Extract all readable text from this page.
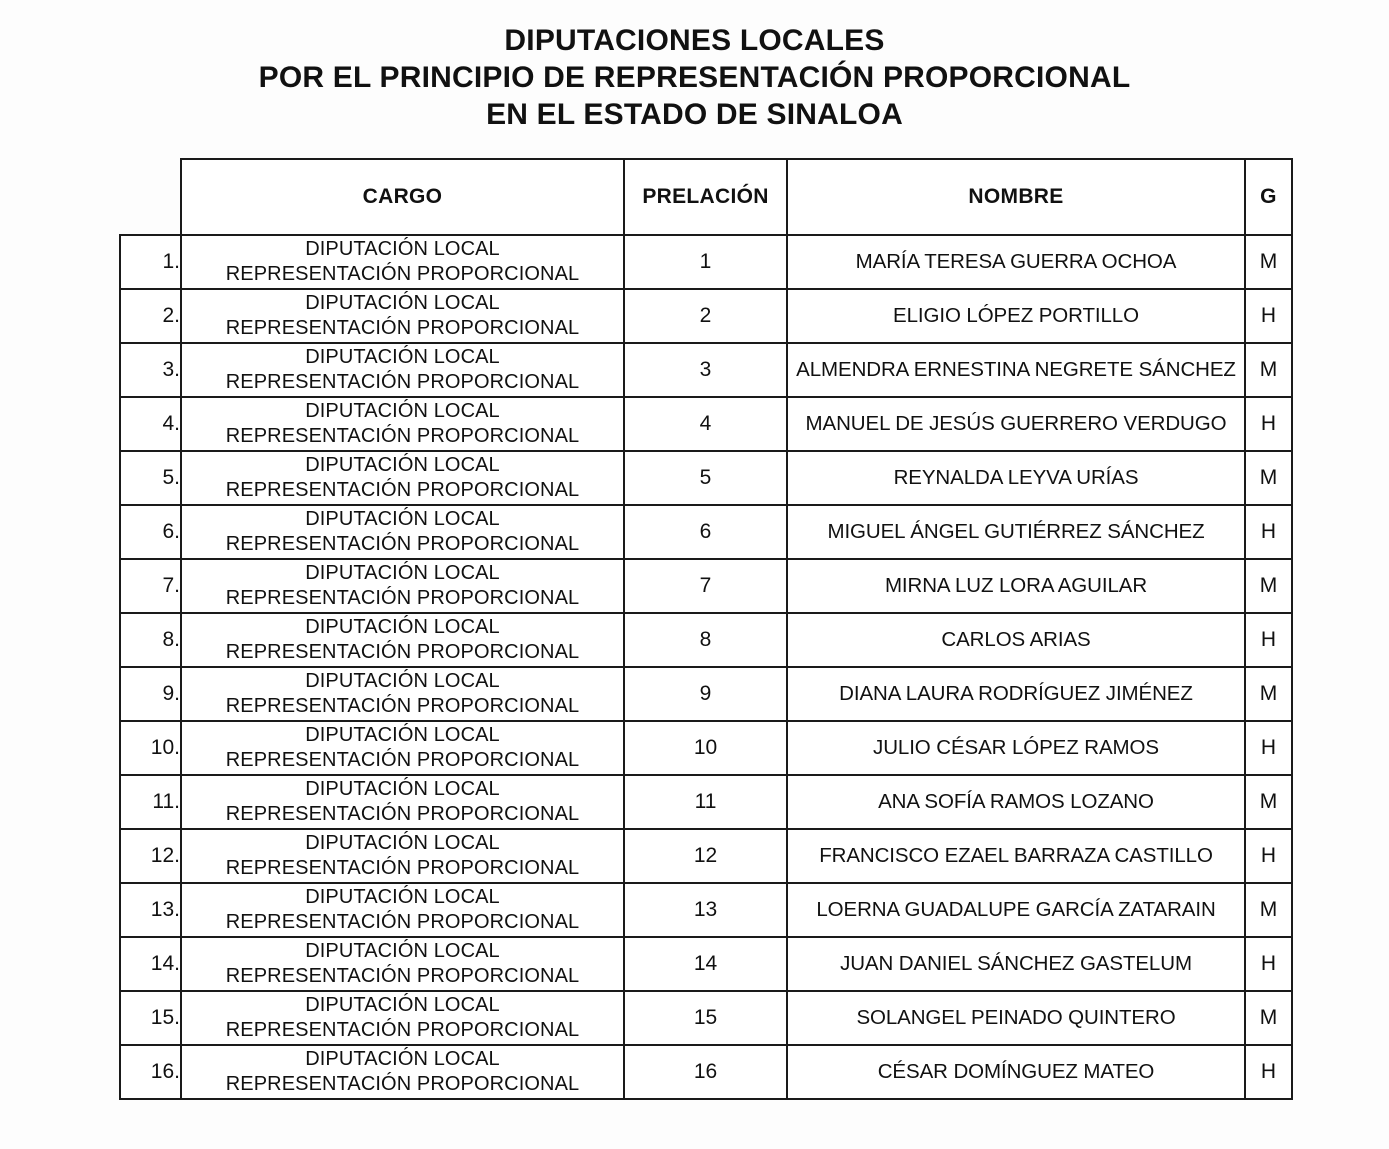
DIPUTACIONES LOCALES
POR EL PRINCIPIO DE REPRESENTACIÓN PROPORCIONAL
EN EL ESTADO DE SINALOA
	CARGO	PRELACIÓN	NOMBRE	G
1.	DIPUTACIÓN LOCAL
REPRESENTACIÓN PROPORCIONAL	1	MARÍA TERESA GUERRA OCHOA	M
2.	DIPUTACIÓN LOCAL
REPRESENTACIÓN PROPORCIONAL	2	ELIGIO LÓPEZ PORTILLO	H
3.	DIPUTACIÓN LOCAL
REPRESENTACIÓN PROPORCIONAL	3	ALMENDRA ERNESTINA NEGRETE SÁNCHEZ	M
4.	DIPUTACIÓN LOCAL
REPRESENTACIÓN PROPORCIONAL	4	MANUEL DE JESÚS GUERRERO VERDUGO	H
5.	DIPUTACIÓN LOCAL
REPRESENTACIÓN PROPORCIONAL	5	REYNALDA LEYVA URÍAS	M
6.	DIPUTACIÓN LOCAL
REPRESENTACIÓN PROPORCIONAL	6	MIGUEL ÁNGEL GUTIÉRREZ SÁNCHEZ	H
7.	DIPUTACIÓN LOCAL
REPRESENTACIÓN PROPORCIONAL	7	MIRNA LUZ LORA AGUILAR	M
8.	DIPUTACIÓN LOCAL
REPRESENTACIÓN PROPORCIONAL	8	CARLOS ARIAS	H
9.	DIPUTACIÓN LOCAL
REPRESENTACIÓN PROPORCIONAL	9	DIANA LAURA RODRÍGUEZ JIMÉNEZ	M
10.	DIPUTACIÓN LOCAL
REPRESENTACIÓN PROPORCIONAL	10	JULIO CÉSAR LÓPEZ RAMOS	H
11.	DIPUTACIÓN LOCAL
REPRESENTACIÓN PROPORCIONAL	11	ANA SOFÍA RAMOS LOZANO	M
12.	DIPUTACIÓN LOCAL
REPRESENTACIÓN PROPORCIONAL	12	FRANCISCO EZAEL BARRAZA CASTILLO	H
13.	DIPUTACIÓN LOCAL
REPRESENTACIÓN PROPORCIONAL	13	LOERNA GUADALUPE GARCÍA ZATARAIN	M
14.	DIPUTACIÓN LOCAL
REPRESENTACIÓN PROPORCIONAL	14	JUAN DANIEL SÁNCHEZ GASTELUM	H
15.	DIPUTACIÓN LOCAL
REPRESENTACIÓN PROPORCIONAL	15	SOLANGEL PEINADO QUINTERO	M
16.	DIPUTACIÓN LOCAL
REPRESENTACIÓN PROPORCIONAL	16	CÉSAR DOMÍNGUEZ MATEO	H
